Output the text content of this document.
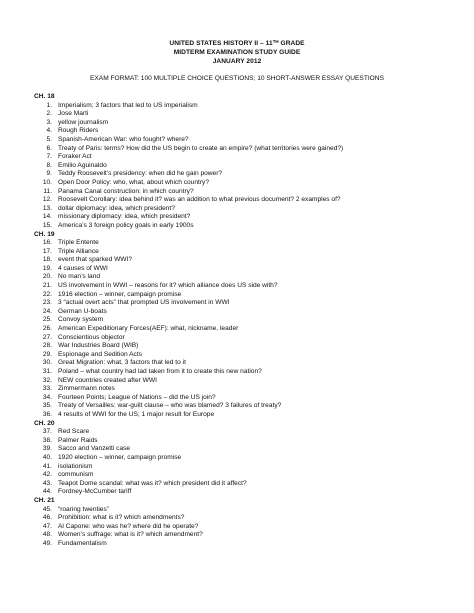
UNITED STATES HISTORY II – 11TH GRADE
MIDTERM EXAMINATION STUDY GUIDE
JANUARY 2012
EXAM FORMAT: 100 MULTIPLE CHOICE QUESTIONS; 10 SHORT-ANSWER ESSAY QUESTIONS
CH. 18
1. Imperialism; 3 factors that led to US imperialism
2. Jose Marti
3. yellow journalism
4. Rough Riders
5. Spanish-American War: who fought? where?
6. Treaty of Paris: terms? How did the US begin to create an empire? (what territories were gained?)
7. Foraker Act
8. Emilio Aguinaldo
9. Teddy Roosevelt’s presidency: when did he gain power?
10. Open Door Policy: who, what, about which country?
11. Panama Canal construction: in which country?
12. Roosevelt Corollary: idea behind it? was an addition to what previous document? 2 examples of?
13. dollar diplomacy: idea, which president?
14. missionary diplomacy: idea, which president?
15. America’s 3 foreign policy goals in early 1900s
CH. 19
16. Triple Entente
17. Triple Alliance
18. event that sparked WWI?
19. 4 causes of WWI
20. No man’s land
21. US involvement in WWI – reasons for it? which alliance does US side with?
22. 1916 election – winner, campaign promise
23. 3 “actual overt acts” that prompted US involvement in WWI
24. German U-boats
25. Convoy system
26. American Expeditionary Forces(AEF): what, nickname, leader
27. Conscientious objector
28. War Industries Board (WIB)
29. Espionage and Sedition Acts
30. Great Migration: what, 3 factors that led to it
31. Poland – what country had lad taken from it to create this new nation?
32. NEW countries created after WWI
33. Zimmermann notes
34. Fourteen Points; League of Nations – did the US join?
35. Treaty of Versailles: war-guilt clause – who was blamed? 3 failures of treaty?
36. 4 results of WWI for the US; 1 major result for Europe
CH. 20
37. Red Scare
38. Palmer Raids
39. Sacco and Vanzetti case
40. 1920 election – winner, campaign promise
41. isolationism
42. communism
43. Teapot Dome scandal: what was it? which president did it affect?
44. Fordney-McCumber tariff
CH. 21
45. “roaring twenties”
46. Prohibition: what is it? which amendments?
47. Al Capone: who was he? where did he operate?
48. Women’s suffrage: what is it? which amendment?
49. Fundamentalism
